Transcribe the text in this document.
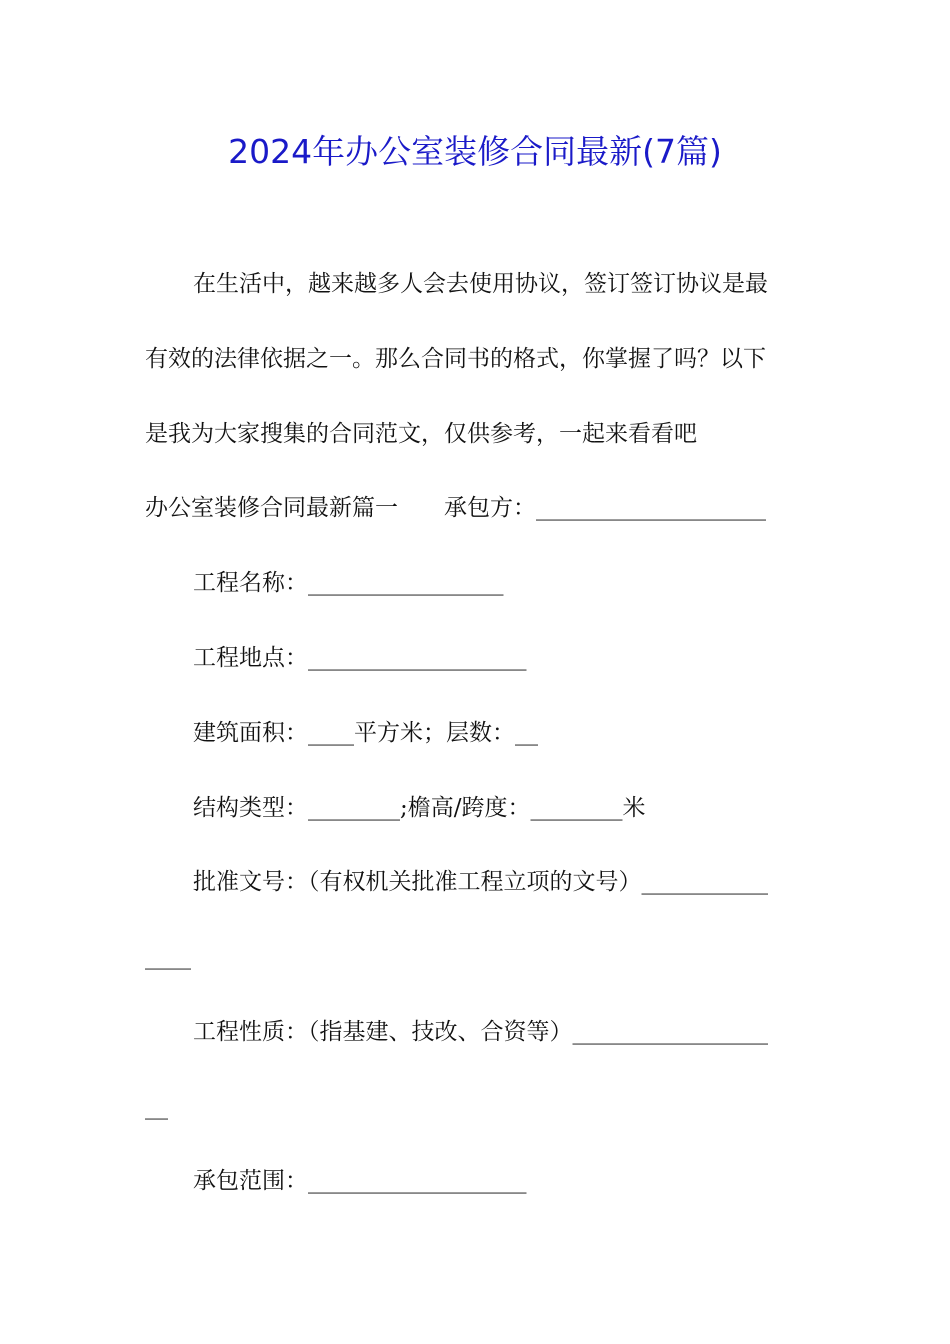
2024年办公室装修合同最新(7篇)
在生活中，越来越多人会去使用协议，签订签订协议是最
有效的法律依据之一。那么合同书的格式，你掌握了吗？以下
是我为大家搜集的合同范文，仅供参考，一起来看看吧
办公室装修合同最新篇一　　承包方：____________________
工程名称：_________________
工程地点：___________________
建筑面积：____平方米；层数：__
结构类型：________;檐高/跨度：________米
批准文号：（有权机关批准工程立项的文号）___________
____
工程性质：（指基建、技改、合资等）_________________
__
承包范围：___________________
